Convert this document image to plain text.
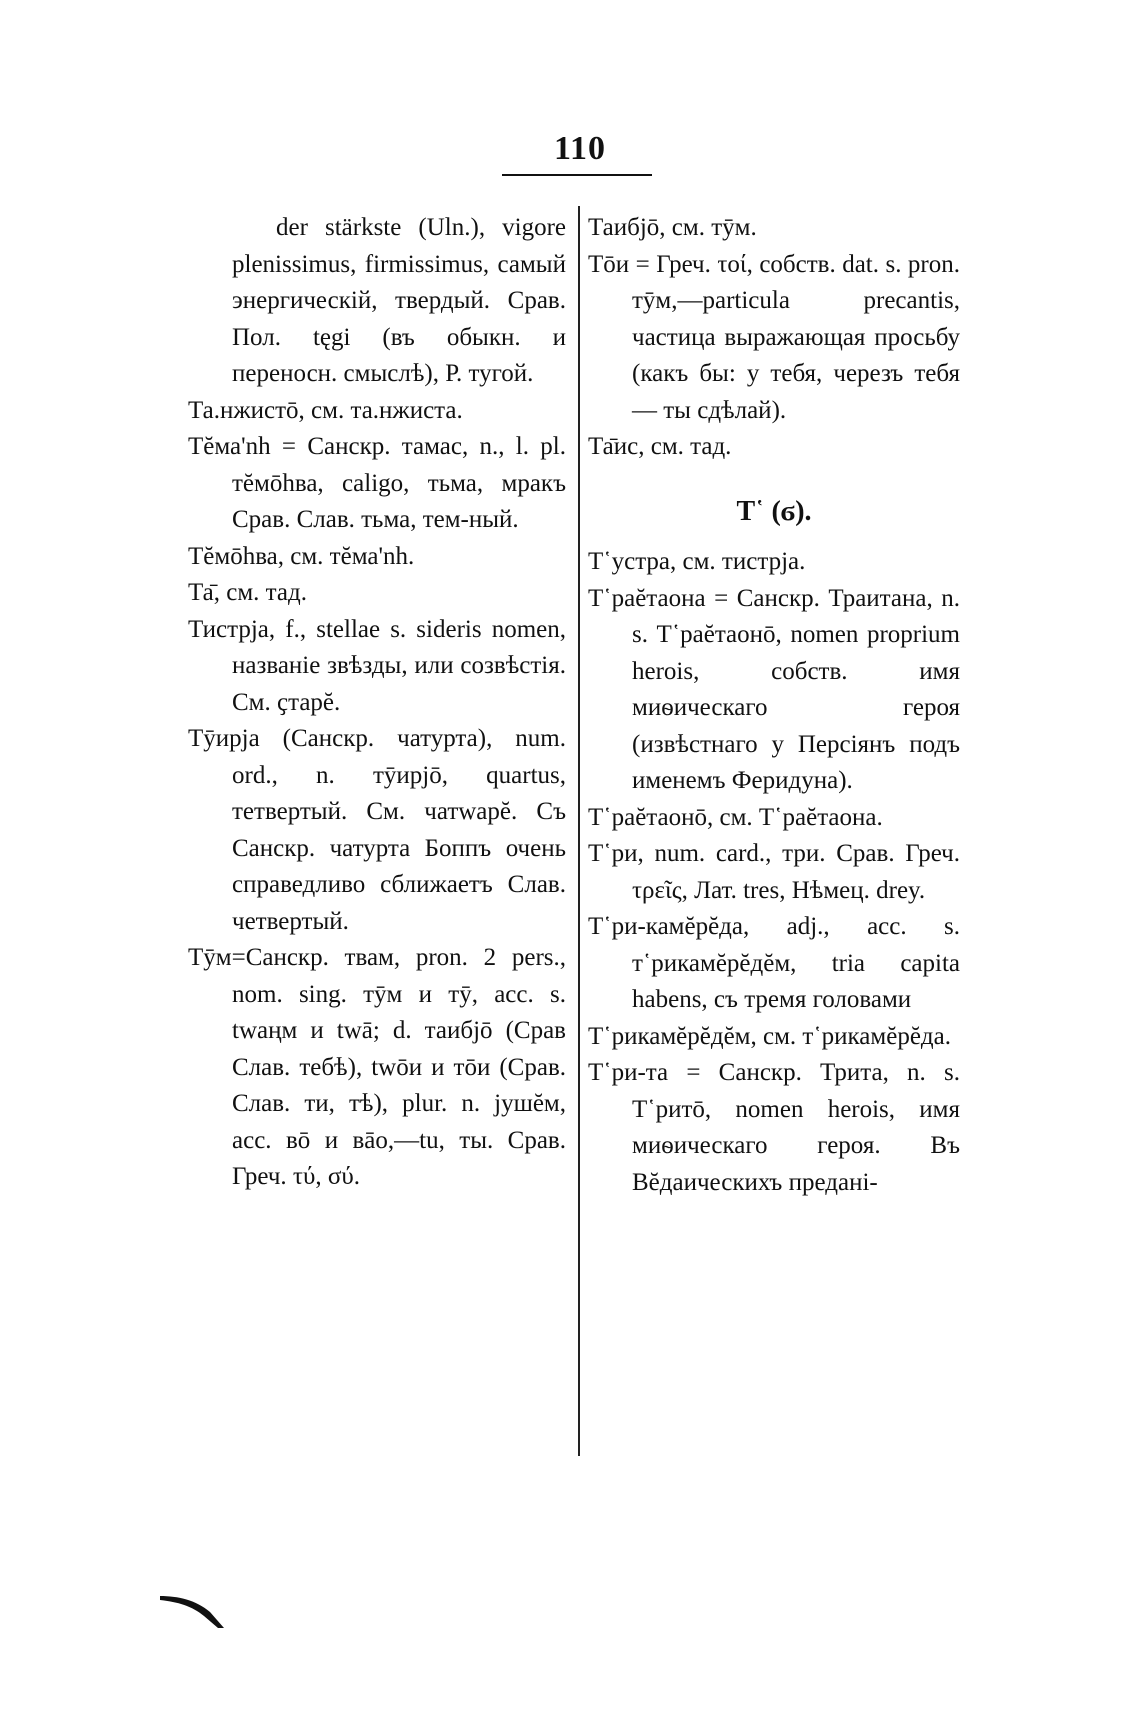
110
der stärkste (Uln.), vigore plenissimus, firmissimus, самый энергическій, твердый. Срав. Пол. tęgi (въ обыкн. и переносн. смыслѣ), Р. тугой.
Та.нжистō, см. та.нжиста.
Тĕма'nh = Санскр. тамас, n., l. pl. тĕмōhва, caligo, тьма, мракъ Срав. Слав. тьма, тем-ный.
Тĕмōhва, см. тĕма'nh.
Та̄, см. тад.
Тистрја, f., stellae s. sideris nomen, названіе звѣзды, или созвѣстія. См. ҫтарĕ.
Тӯирја (Санскр. чатурта), num. ord., n. тӯирјō, quartus, тетвертый. См. чатwарĕ. Съ Санскр. чатурта Боппъ очень справедливо сближаетъ Слав. четвертый.
Тӯм=Санскр. твам, pron. 2 pers., nom. sing. тӯм и тӯ, acc. s. twaңм и twā; d. таибјō (Срав Слав. тебѣ), twōи и тōи (Срав. Слав. ти, тѣ), plur. n. јушĕм, acc. вō и вāо,—tu, ты. Срав. Греч. τύ, σύ.
Таибјō, см. тӯм.
Тōи = Греч. τοί, собств. dat. s. pron. тӯм,—particula precantis, частица выражающая просьбу (какъ бы: у тебя, черезъ тебя — ты сдѣлай).
Та̄ис, см. тад.
Т῾ (ϭ).
Т῾устра, см. тистрја.
Т῾раĕтаона = Санскр. Траитана, n. s. Т῾раĕтаонō, nomen proprium herois, собств. имя миѳическаго героя (извѣстнаго у Персіянъ подъ именемъ Феридуна).
Т῾раĕтаонō, см. Т῾раĕтаона.
Т῾ри, num. card., три. Срав. Греч. τρεῖς, Лат. tres, Нѣмец. drey.
Т῾ри-камĕрĕда, adj., acc. s. т῾рикамĕрĕдĕм, tria capita habens, съ тремя головами
Т῾рикамĕрĕдĕм, см. т῾рикамĕрĕда.
Т῾ри-та = Санскр. Трита, n. s. Т῾ритō, nomen herois, имя миѳическаго героя. Въ Вĕдаическихъ преданi-
